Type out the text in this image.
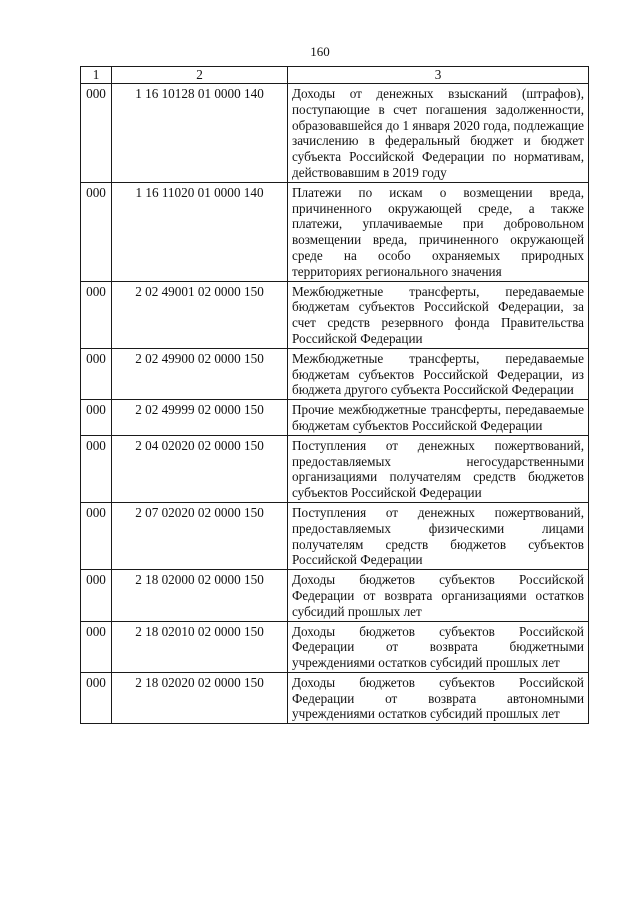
160
1	2	3
000	1 16 10128 01 0000 140	Доходы от денежных взысканий (штрафов), поступающие в счет погашения задолженности, образовавшейся до 1 января 2020 года, подлежащие зачислению в федеральный бюджет и бюджет субъекта Российской Федерации по нормативам, действовавшим в 2019 году
000	1 16 11020 01 0000 140	Платежи по искам о возмещении вреда, причиненного окружающей среде, а также платежи, уплачиваемые при добровольном возмещении вреда, причиненного окружающей среде на особо охраняемых природных территориях регионального значения
000	2 02 49001 02 0000 150	Межбюджетные трансферты, передаваемые бюджетам субъектов Российской Федерации, за счет средств резервного фонда Правительства Российской Федерации
000	2 02 49900 02 0000 150	Межбюджетные трансферты, передаваемые бюджетам субъектов Российской Федерации, из бюджета другого субъекта Российской Федерации
000	2 02 49999 02 0000 150	Прочие межбюджетные трансферты, передаваемые бюджетам субъектов Российской Федерации
000	2 04 02020 02 0000 150	Поступления от денежных пожертвований, предоставляемых негосударственными организациями получателям средств бюджетов субъектов Российской Федерации
000	2 07 02020 02 0000 150	Поступления от денежных пожертвований, предоставляемых физическими лицами получателям средств бюджетов субъектов Российской Федерации
000	2 18 02000 02 0000 150	Доходы бюджетов субъектов Российской Федерации от возврата организациями остатков субсидий прошлых лет
000	2 18 02010 02 0000 150	Доходы бюджетов субъектов Российской Федерации от возврата бюджетными учреждениями остатков субсидий прошлых лет
000	2 18 02020 02 0000 150	Доходы бюджетов субъектов Российской Федерации от возврата автономными учреждениями остатков субсидий прошлых лет
